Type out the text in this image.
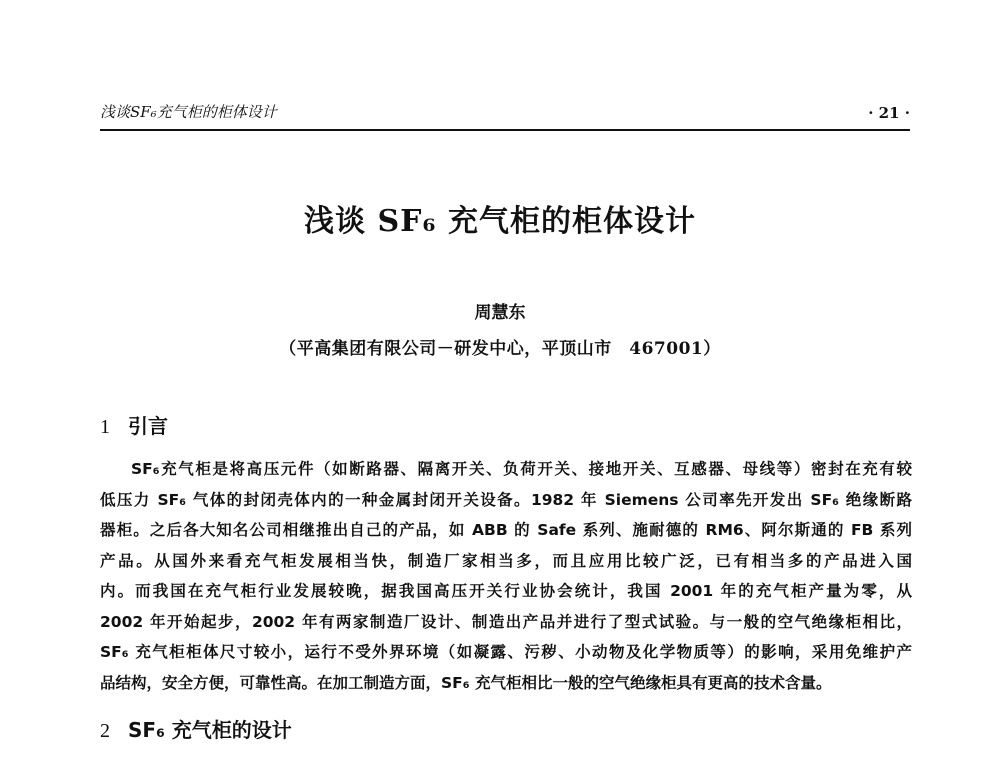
浅谈SF₆充气柜的柜体设计	· 21 ·
浅谈 SF₆ 充气柜的柜体设计
周慧东
（平高集团有限公司－研发中心，平顶山市　467001）
1 引言
SF₆充气柜是将高压元件（如断路器、隔离开关、负荷开关、接地开关、互感器、母线等）密封在充有较
低压力 SF₆ 气体的封闭壳体内的一种金属封闭开关设备。1982 年 Siemens 公司率先开发出 SF₆ 绝缘断路
器柜。之后各大知名公司相继推出自己的产品，如 ABB 的 Safe 系列、施耐德的 RM6、阿尔斯通的 FB 系列
产品。从国外来看充气柜发展相当快，制造厂家相当多，而且应用比较广泛，已有相当多的产品进入国
内。而我国在充气柜行业发展较晚，据我国高压开关行业协会统计，我国 2001 年的充气柜产量为零，从
2002 年开始起步，2002 年有两家制造厂设计、制造出产品并进行了型式试验。与一般的空气绝缘柜相比，
SF₆ 充气柜柜体尺寸较小，运行不受外界环境（如凝露、污秽、小动物及化学物质等）的影响，采用免维护产
品结构，安全方便，可靠性高。在加工制造方面，SF₆ 充气柜相比一般的空气绝缘柜具有更高的技术含量。
2 SF₆ 充气柜的设计
